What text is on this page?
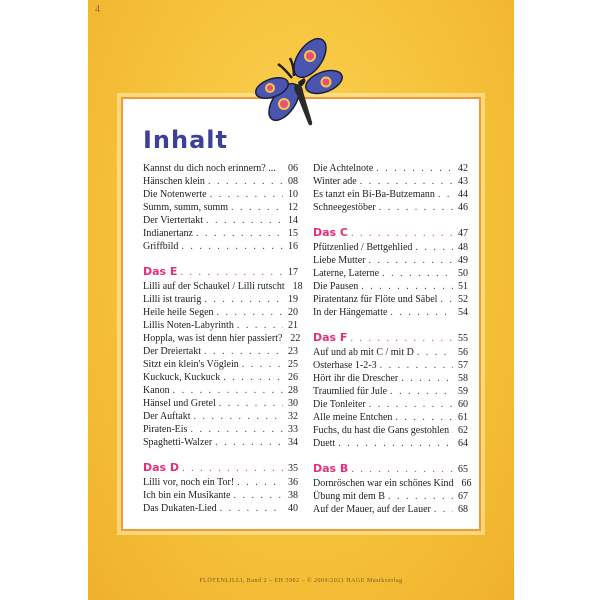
4
Inhalt
Kannst du dich noch erinnern? ... 06
Hänschen klein . . .	08
Die Notenwerte . . .	10
Summ, summ, summ . . .	12
Der Viertertakt . . .	14
Indianertanz . . .	15
Griffbild . . .	16
Das E . . .	17
Lilli auf der Schaukel / Lilli rutscht 18
Lilli ist traurig . . .	19
Heile heile Segen . . .	20
Lillis Noten-Labyrinth . . .	21
Hoppla, was ist denn hier passiert? 22
Der Dreiertakt . . .	23
Sitzt ein klein's Vöglein . . .	25
Kuckuck, Kuckuck . . .	26
Kanon . . .	28
Hänsel und Gretel . . .	30
Der Auftakt . . .	32
Piraten-Eis . . .	33
Spaghetti-Walzer . . .	34
Das D . . .	35
Lilli vor, noch ein Tor! . . .	36
Ich bin ein Musikante . . .	38
Das Dukaten-Lied . . .	40
Die Achtelnote . . .	42
Winter ade . . .	43
Es tanzt ein Bi-Ba-Butzemann . . . 44
Schneegestöber . . .	46
Das C . . .	47
Pfützenlied / Bettgehlied . . .	48
Liebe Mutter . . .	49
Laterne, Laterne . . .	50
Die Pausen . . .	51
Piratentanz für Flöte und Säbel . . . 52
In der Hängematte . . .	54
Das F . . .	55
Auf und ab mit C / mit D . . .	56
Osterhase 1-2-3 . . .	57
Hört ihr die Drescher . . .	58
Traumlied für Jule . . .	59
Die Tonleiter . . .	60
Alle meine Entchen . . .	61
Fuchs, du hast die Gans gestohlen . . . 62
Duett . . .	64
Das B . . .	65
Dornröschen war ein schönes Kind 66
Übung mit dem B . . .	67
Auf der Mauer, auf der Lauer . . .	68
FLÖTENLILLI, Band 2 – EH 3902 – © 2009/2021 HAGE Musikverlag
